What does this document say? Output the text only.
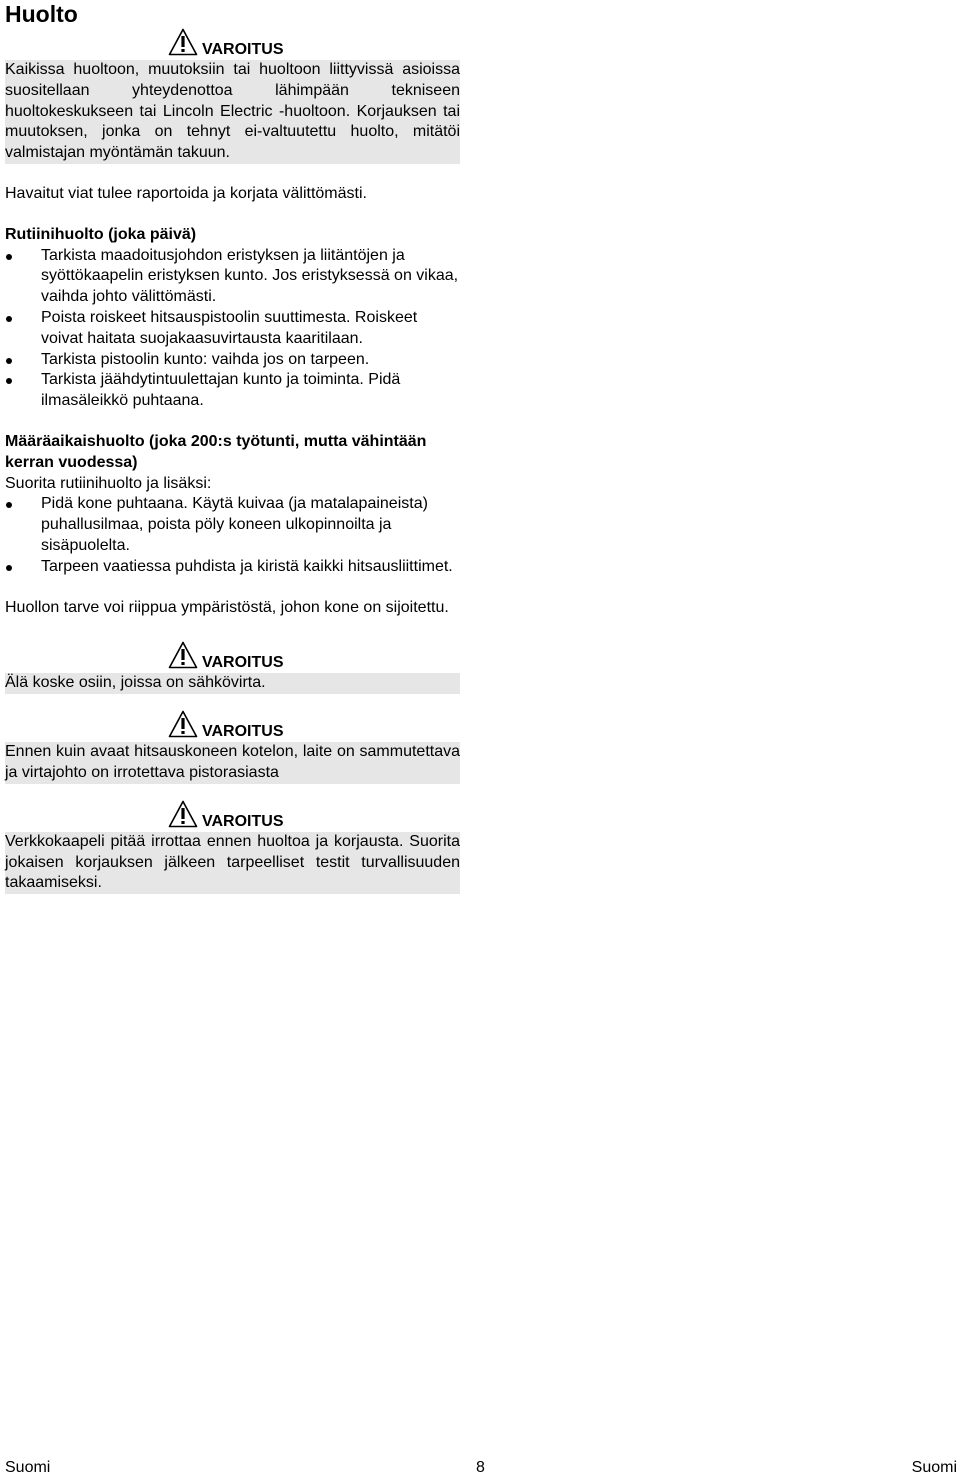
Huolto
VAROITUS

Kaikissa huoltoon, muutoksiin tai huoltoon liittyvissä asioissa suositellaan yhteydenottoa lähimpään tekniseen huoltokeskukseen tai Lincoln Electric -huoltoon. Korjauksen tai muutoksen, jonka on tehnyt ei-valtuutettu huolto, mitätöi valmistajan myöntämän takuun.

Havaitut viat tulee raportoida ja korjata välittömästi.

Rutiinihuolto (joka päivä)

Tarkista maadoitusjohdon eristyksen ja liitäntöjen ja syöttökaapelin eristyksen kunto. Jos eristyksessä on vikaa, vaihda johto välittömästi.
Poista roiskeet hitsauspistoolin suuttimesta. Roiskeet voivat haitata suojakaasuvirtausta kaaritilaan.
Tarkista pistoolin kunto: vaihda jos on tarpeen.
Tarkista jäähdytintuulettajan kunto ja toiminta. Pidä ilmasäleikkö puhtaana.

Määräaikaishuolto (joka 200:s työtunti, mutta vähintään kerran vuodessa)

Suorita rutiinihuolto ja lisäksi:

Pidä kone puhtaana. Käytä kuivaa (ja matalapaineista) puhallusilmaa, poista pöly koneen ulkopinnoilta ja sisäpuolelta.
Tarpeen vaatiessa puhdista ja kiristä kaikki hitsausliittimet.

Huollon tarve voi riippua ympäristöstä, johon kone on sijoitettu.

VAROITUS

Älä koske osiin, joissa on sähkövirta.

VAROITUS

Ennen kuin avaat hitsauskoneen kotelon, laite on sammutettava ja virtajohto on irrotettava pistorasiasta

VAROITUS

Verkkokaapeli pitää irrottaa ennen huoltoa ja korjausta. Suorita jokaisen korjauksen jälkeen tarpeelliset testit turvallisuuden takaamiseksi.

Suomi	8	Suomi
